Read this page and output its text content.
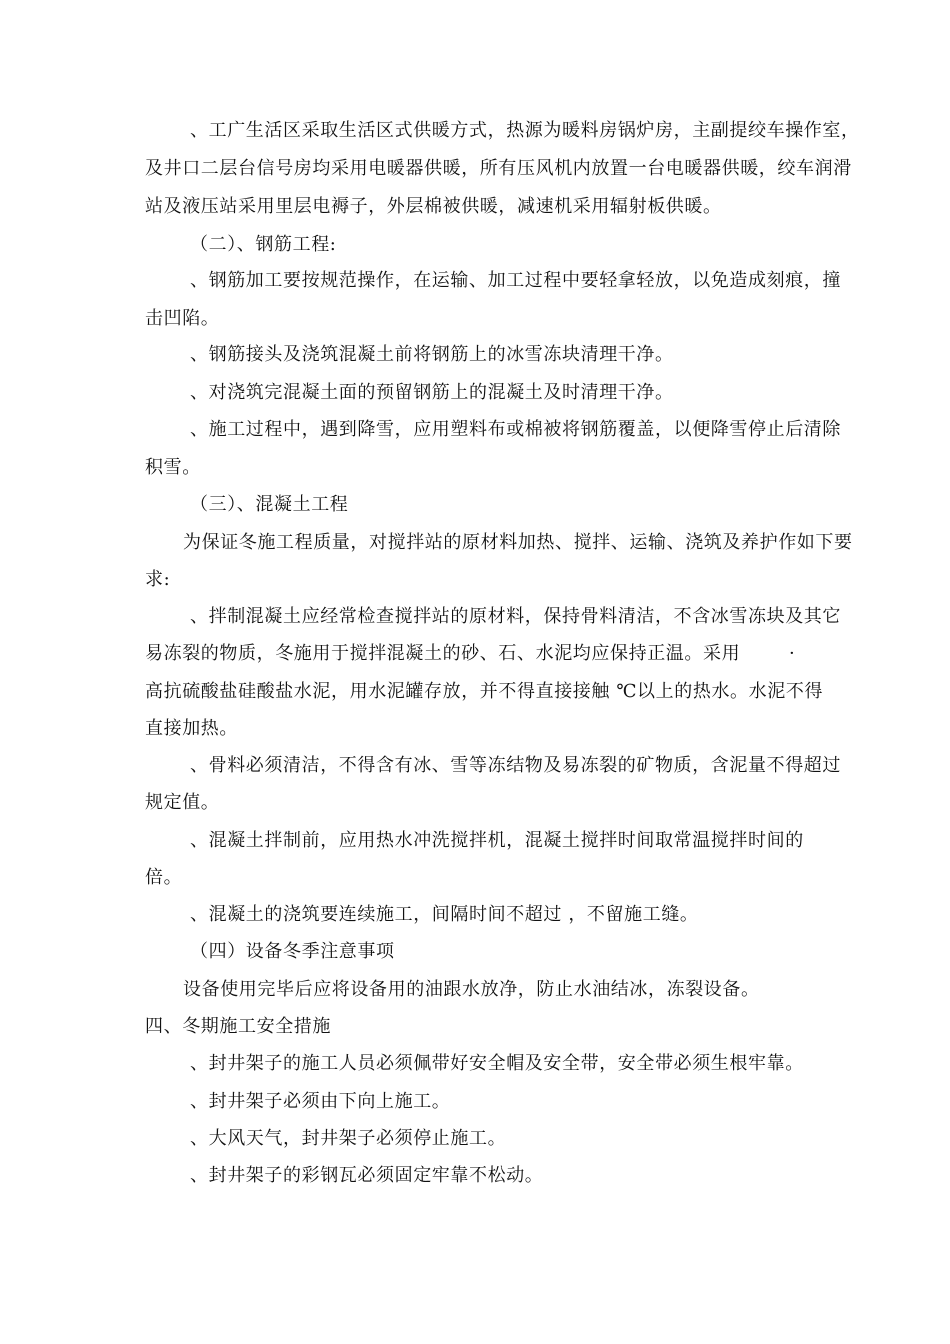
、工广生活区采取生活区式供暖方式，热源为暖料房锅炉房，主副提绞车操作室，
及井口二层台信号房均采用电暖器供暖，所有压风机内放置一台电暖器供暖，绞车润滑
站及液压站采用里层电褥子，外层棉被供暖，减速机采用辐射板供暖。
（二）、钢筋工程:
、钢筋加工要按规范操作，在运输、加工过程中要轻拿轻放，以免造成刻痕，撞
击凹陷。
、钢筋接头及浇筑混凝土前将钢筋上的冰雪冻块清理干净。
、对浇筑完混凝土面的预留钢筋上的混凝土及时清理干净。
、施工过程中，遇到降雪，应用塑料布或棉被将钢筋覆盖，以便降雪停止后清除
积雪。
（三）、混凝土工程
为保证冬施工程质量，对搅拌站的原材料加热、搅拌、运输、浇筑及养护作如下要
求:
、拌制混凝土应经常检查搅拌站的原材料，保持骨料清洁，不含冰雪冻块及其它
易冻裂的物质，冬施用于搅拌混凝土的砂、石、水泥均应保持正温。采用	·
高抗硫酸盐硅酸盐水泥，用水泥罐存放，并不得直接接触 ℃以上的热水。水泥不得
直接加热。
、骨料必须清洁，不得含有冰、雪等冻结物及易冻裂的矿物质，含泥量不得超过
规定值。
、混凝土拌制前，应用热水冲洗搅拌机，混凝土搅拌时间取常温搅拌时间的
倍。
、混凝土的浇筑要连续施工，间隔时间不超过 ，不留施工缝。
（四）设备冬季注意事项
设备使用完毕后应将设备用的油跟水放净，防止水油结冰，冻裂设备。
四、冬期施工安全措施
、封井架子的施工人员必须佩带好安全帽及安全带，安全带必须生根牢靠。
、封井架子必须由下向上施工。
、大风天气，封井架子必须停止施工。
、封井架子的彩钢瓦必须固定牢靠不松动。
